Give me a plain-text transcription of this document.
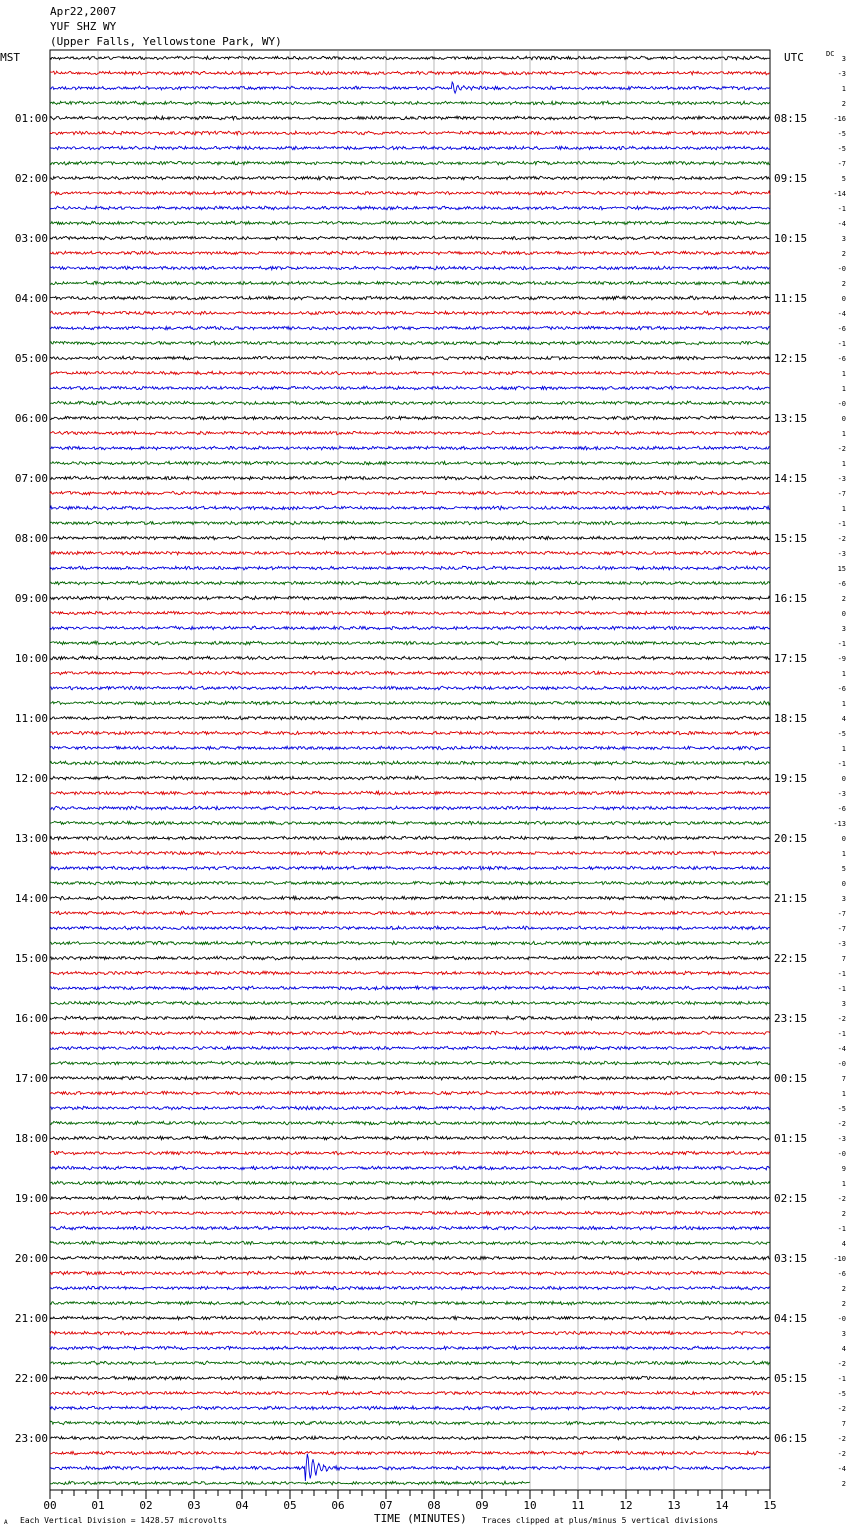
Apr22,2007
YUF SHZ WY
(Upper Falls, Yellowstone Park, WY)
3
-3
1
2
-16
-5
-5
-7
5
-14
-1
-4
3
2
-0
2
0
-4
-6
-1
-6
1
1
-0
0
1
-2
1
-3
-7
1
-1
-2
-3
15
-6
2
0
3
-1
-9
1
-6
1
4
-5
1
-1
0
-3
-6
-13
0
1
5
0
3
-7
-7
-3
7
-1
-1
3
-2
-1
-4
-0
7
1
-5
-2
-3
-0
9
1
-2
2
-1
4
-10
-6
2
2
-0
3
4
-2
-1
-5
-2
7
-2
-2
-4
2
01:00
02:00
03:00
04:00
05:00
06:00
07:00
08:00
09:00
10:00
11:00
12:00
13:00
14:00
15:00
16:00
17:00
18:00
19:00
20:00
21:00
22:00
23:00
08:15
09:15
10:15
11:15
12:15
13:15
14:15
15:15
16:15
17:15
18:15
19:15
20:15
21:15
22:15
23:15
00:15
01:15
02:15
03:15
04:15
05:15
06:15
MST	UTC	DC
00	01	02	03	04	05	06	07	08	09	10	11	12	13	14	15
A Each Vertical Division = 1428.57 microvolts	TIME (MINUTES) Traces clipped at plus/minus 5 vertical divisions
